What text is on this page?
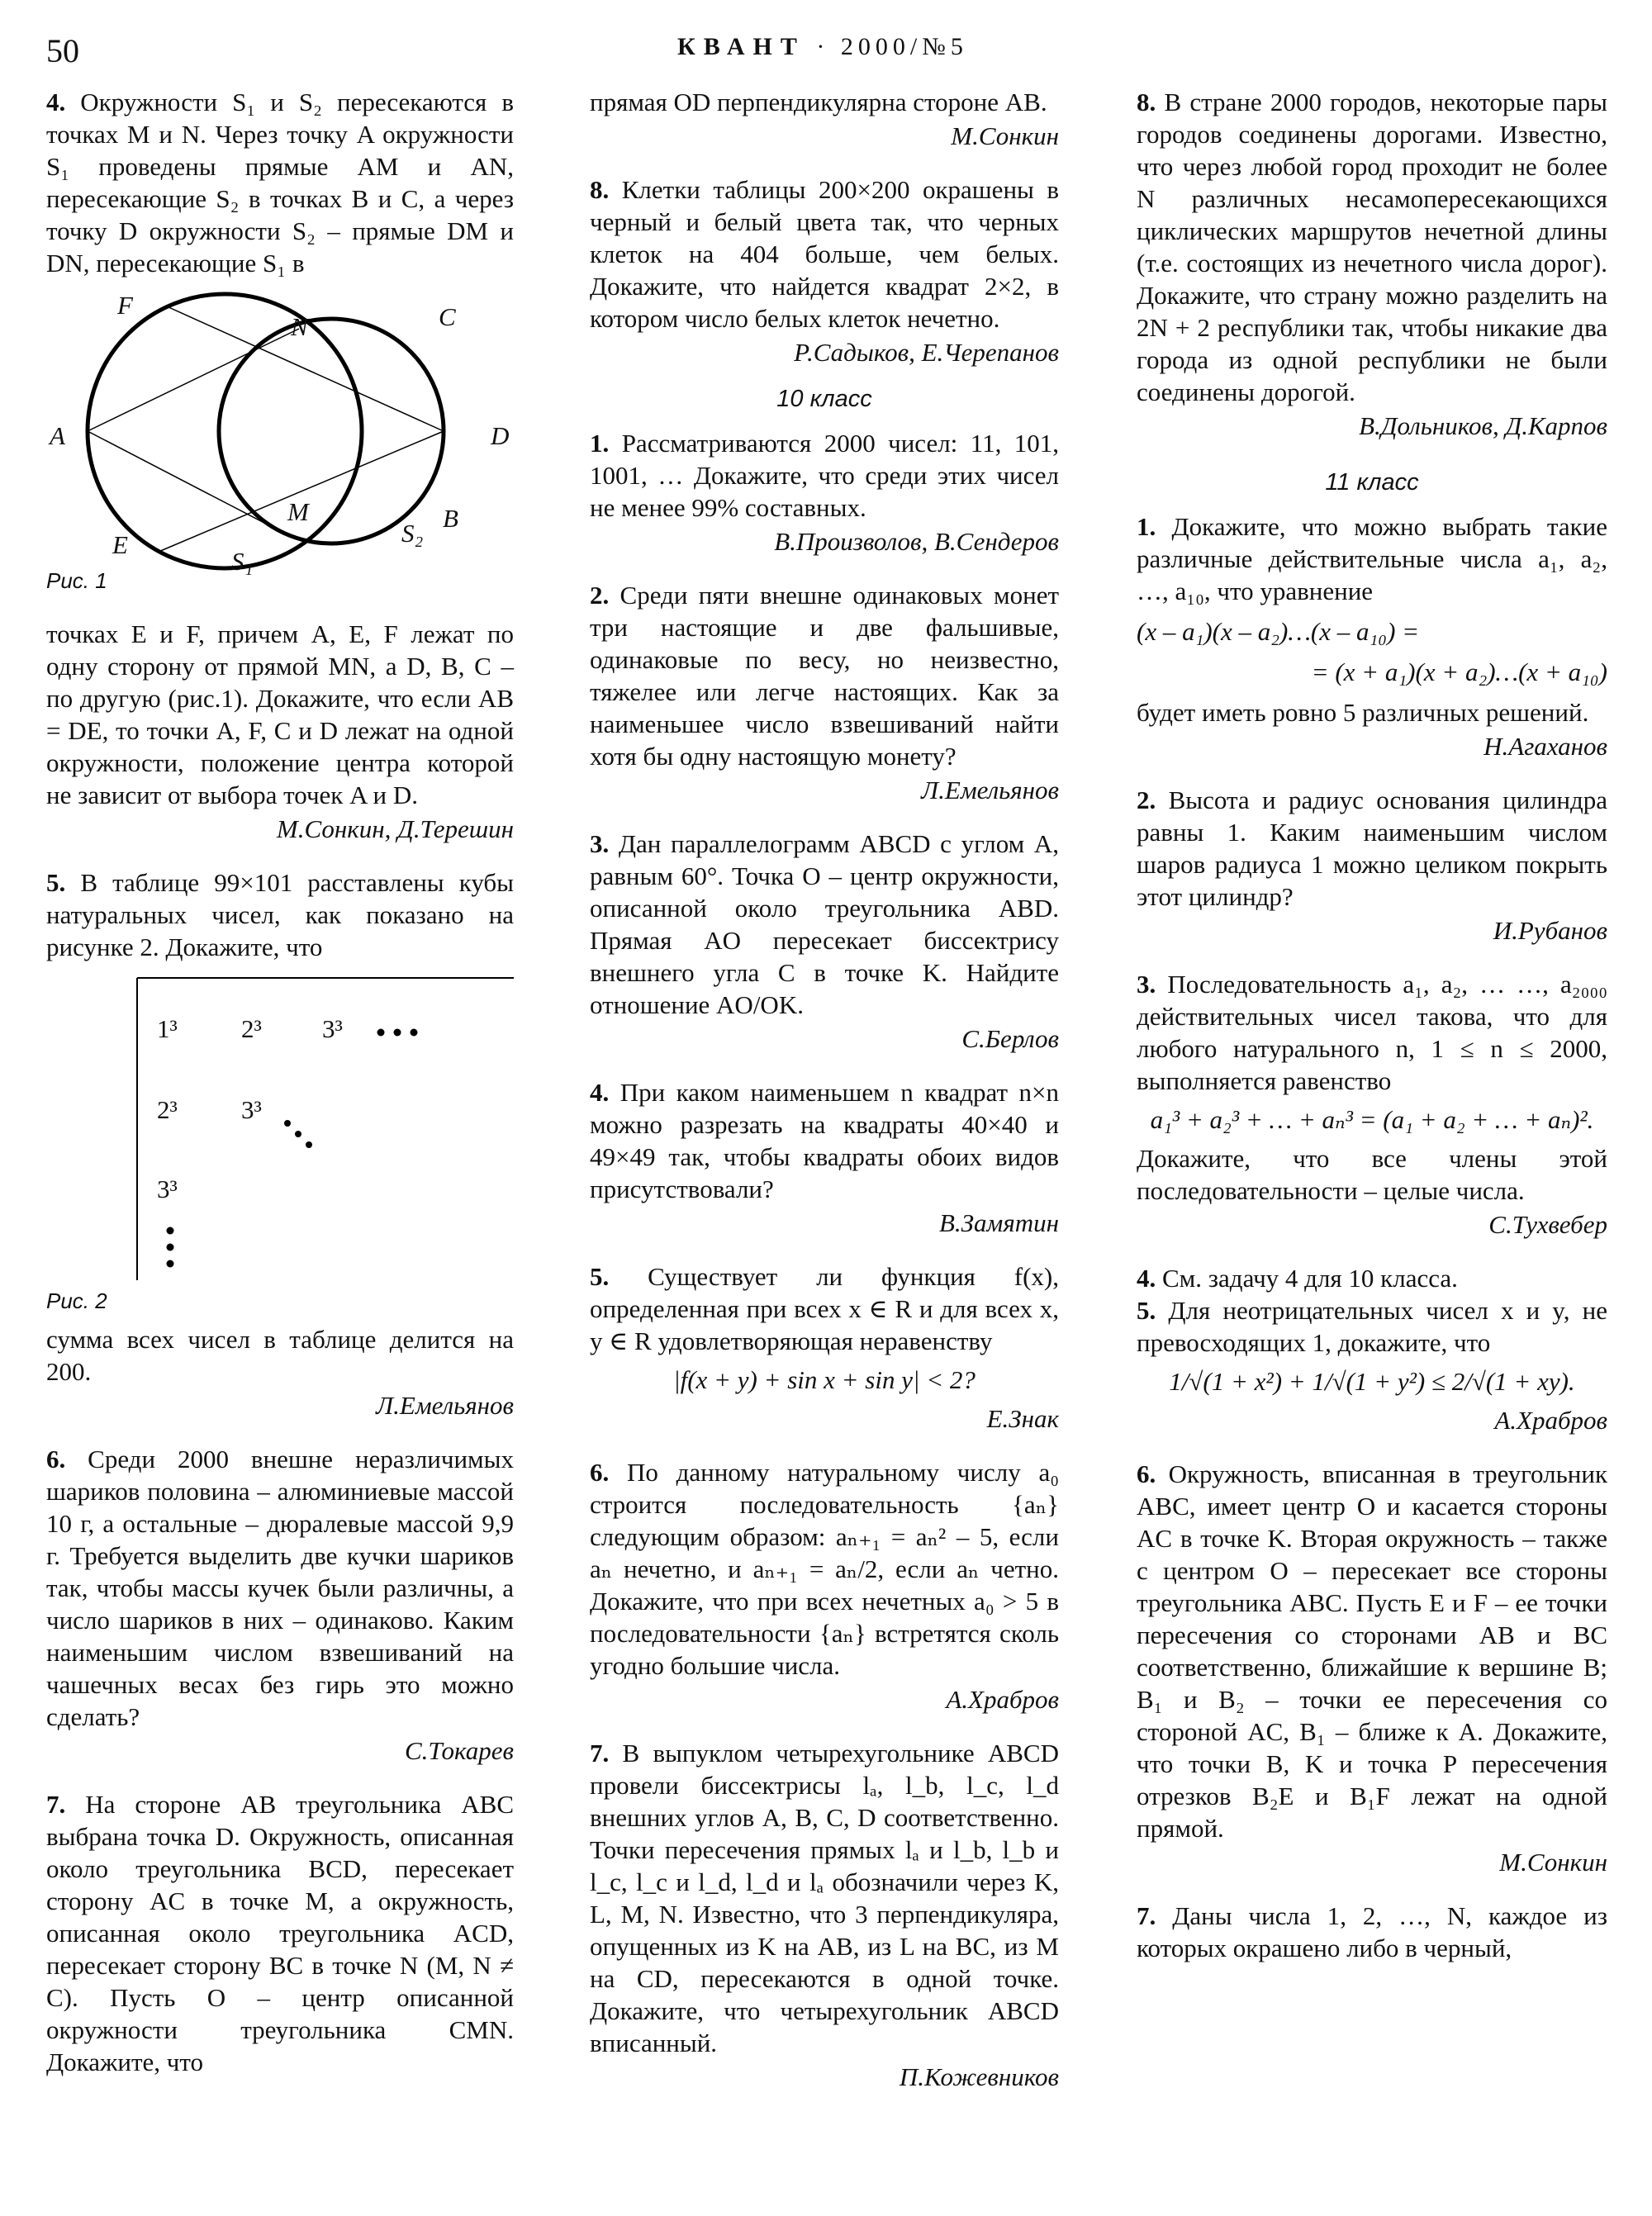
50	КВАНТ · 2000/№5

4. Окружности S₁ и S₂ пересекаются в точках M и N. Через точку A окружности S₁ проведены прямые AM и AN, пересекающие S₂ в точках B и C, а через точку D окружности S₂ – прямые DM и DN, пересекающие S₁ в

F
N	C
A	D
M	B
E
S₁
S₂
Рис. 1

точках E и F, причем A, E, F лежат по одну сторону от прямой MN, а D, B, C – по другую (рис.1). Докажите, что если AB = DE, то точки A, F, C и D лежат на одной окружности, положение центра которой не зависит от выбора точек A и D.

М.Сонкин, Д.Терешин

5. В таблице 99×101 расставлены кубы натуральных чисел, как показано на рисунке 2. Докажите, что

1³ 2³ 3³
2³ 3³
3³
Рис. 2

сумма всех чисел в таблице делится на 200.

Л.Емельянов

6. Среди 2000 внешне неразличимых шариков половина – алюминиевые массой 10 г, а остальные – дюралевые массой 9,9 г. Требуется выделить две кучки шариков так, чтобы массы кучек были различны, а число шариков в них – одинаково. Каким наименьшим числом взвешиваний на чашечных весах без гирь это можно сделать?

С.Токарев

7. На стороне AB треугольника ABC выбрана точка D. Окружность, описанная около треугольника BCD, пересекает сторону AC в точке M, а окружность, описанная около треугольника ACD, пересекает сторону BC в точке N (M, N ≠ C). Пусть O – центр описанной окружности треугольника CMN. Докажите, что

прямая OD перпендикулярна стороне AB.

М.Сонкин

8. Клетки таблицы 200×200 окрашены в черный и белый цвета так, что черных клеток на 404 больше, чем белых. Докажите, что найдется квадрат 2×2, в котором число белых клеток нечетно.

Р.Садыков, Е.Черепанов

10 класс

1. Рассматриваются 2000 чисел: 11, 101, 1001, … Докажите, что среди этих чисел не менее 99% составных.

В.Произволов, В.Сендеров

2. Среди пяти внешне одинаковых монет три настоящие и две фальшивые, одинаковые по весу, но неизвестно, тяжелее или легче настоящих. Как за наименьшее число взвешиваний найти хотя бы одну настоящую монету?

Л.Емельянов

3. Дан параллелограмм ABCD с углом A, равным 60°. Точка O – центр окружности, описанной около треугольника ABD. Прямая AO пересекает биссектрису внешнего угла C в точке K. Найдите отношение AO/OK.

С.Берлов

4. При каком наименьшем n квадрат n×n можно разрезать на квадраты 40×40 и 49×49 так, чтобы квадраты обоих видов присутствовали?

В.Замятин

5. Существует ли функция f(x), определенная при всех x ∈ R и для всех x, y ∈ R удовлетворяющая неравенству

|f(x + y) + sin x + sin y| < 2?

Е.Знак

6. По данному натуральному числу a₀ строится последовательность {aₙ} следующим образом: aₙ₊₁ = aₙ² – 5, если aₙ нечетно, и aₙ₊₁ = aₙ/2, если aₙ четно. Докажите, что при всех нечетных a₀ > 5 в последовательности {aₙ} встретятся сколь угодно большие числа.

А.Храбров

7. В выпуклом четырехугольнике ABCD провели биссектрисы lₐ, l_b, l_c, l_d внешних углов A, B, C, D соответственно. Точки пересечения прямых lₐ и l_b, l_b и l_c, l_c и l_d, l_d и lₐ обозначили через K, L, M, N. Известно, что 3 перпендикуляра, опущенных из K на AB, из L на BC, из M на CD, пересекаются в одной точке. Докажите, что четырехугольник ABCD вписанный.

П.Кожевников

8. В стране 2000 городов, некоторые пары городов соединены дорогами. Известно, что через любой город проходит не более N различных несамопересекающихся циклических маршрутов нечетной длины (т.е. состоящих из нечетного числа дорог). Докажите, что страну можно разделить на 2N + 2 республики так, чтобы никакие два города из одной республики не были соединены дорогой.

В.Дольников, Д.Карпов

11 класс

1. Докажите, что можно выбрать такие различные действительные числа a₁, a₂, …, a₁₀, что уравнение

(x – a₁)(x – a₂)…(x – a₁₀) =

= (x + a₁)(x + a₂)…(x + a₁₀)

будет иметь ровно 5 различных решений.

Н.Агаханов

2. Высота и радиус основания цилиндра равны 1. Каким наименьшим числом шаров радиуса 1 можно целиком покрыть этот цилиндр?

И.Рубанов

3. Последовательность a₁, a₂, … …, a₂₀₀₀ действительных чисел такова, что для любого натурального n, 1 ≤ n ≤ 2000, выполняется равенство

a₁³ + a₂³ + … + aₙ³ = (a₁ + a₂ + … + aₙ)².

Докажите, что все члены этой последовательности – целые числа.

С.Тухвебер

4. См. задачу 4 для 10 класса.

5. Для неотрицательных чисел x и y, не превосходящих 1, докажите, что

1/√(1 + x²) + 1/√(1 + y²) ≤ 2/√(1 + xy).

А.Храбров

6. Окружность, вписанная в треугольник ABC, имеет центр O и касается стороны AC в точке K. Вторая окружность – также с центром O – пересекает все стороны треугольника ABC. Пусть E и F – ее точки пересечения со сторонами AB и BC соответственно, ближайшие к вершине B; B₁ и B₂ – точки ее пересечения со стороной AC, B₁ – ближе к A. Докажите, что точки B, K и точка P пересечения отрезков B₂E и B₁F лежат на одной прямой.

М.Сонкин

7. Даны числа 1, 2, …, N, каждое из которых окрашено либо в черный,
